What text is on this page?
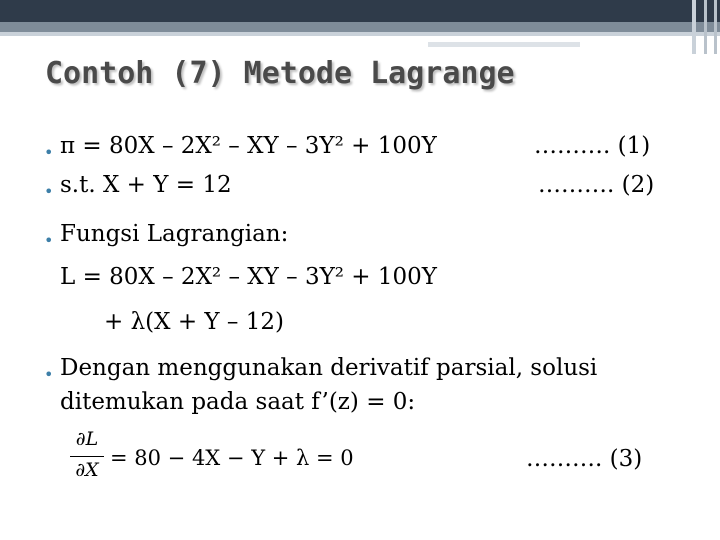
Contoh (7) Metode Lagrange
• π = 80X – 2X² – XY – 3Y² + 100Y	………. (1)
• s.t. X + Y = 12	………. (2)
• Fungsi Lagrangian:
L = 80X – 2X² – XY – 3Y² + 100Y
+ λ(X + Y – 12)
• Dengan menggunakan derivatif parsial, solusi
ditemukan pada saat f’(z) = 0:
∂L
∂X = 80 − 4X − Y + λ = 0	………. (3)
